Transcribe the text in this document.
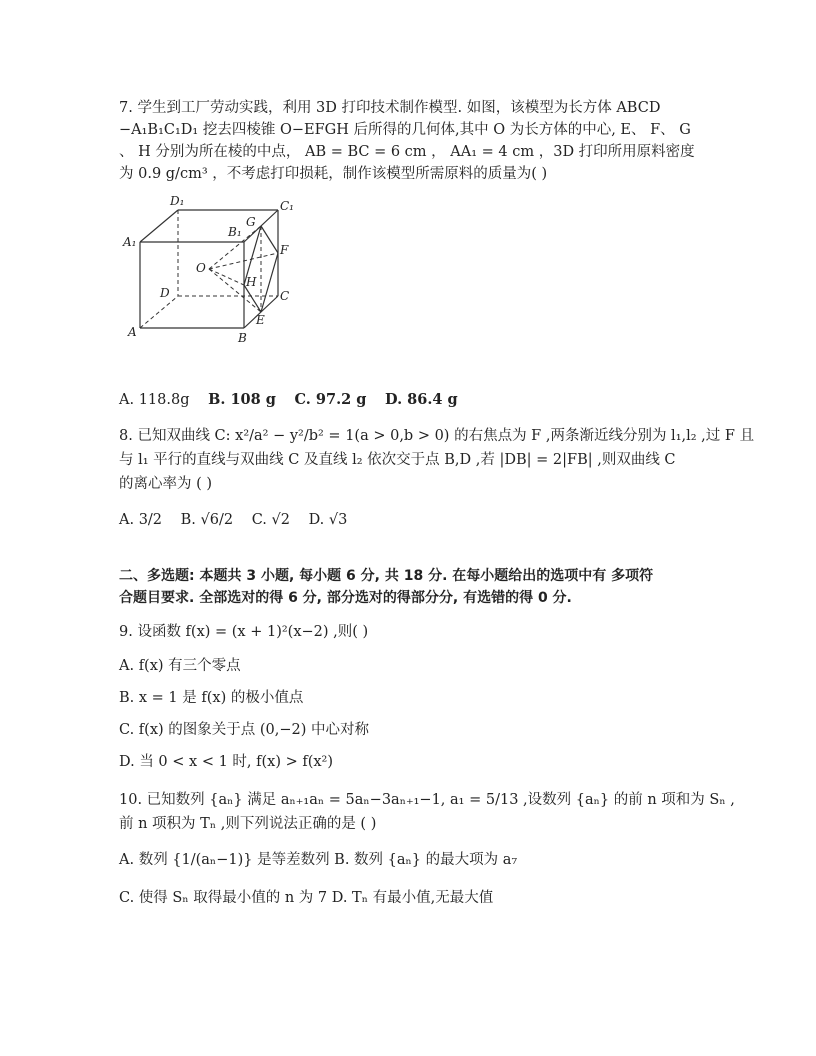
7. 学生到工厂劳动实践，利用 3D 打印技术制作模型. 如图，该模型为长方体 ABCD
−A₁B₁C₁D₁ 挖去四棱锥 O−EFGH 后所得的几何体,其中 O 为长方体的中心, E、 F、 G
、 H 分别为所在棱的中点， AB = BC = 6 cm ， AA₁ = 4 cm ，3D 打印所用原料密度
为 0.9 g/cm³ ，不考虑打印损耗，制作该模型所需原料的质量为( )
D₁	C₁
A₁
B₁
G
F
O
H
D	C
E
A	B
A. 118.8g B. 108 g C. 97.2 g D. 86.4 g
8. 已知双曲线 C: x²/a² − y²/b² = 1(a > 0,b > 0) 的右焦点为 F ,两条渐近线分别为 l₁,l₂ ,过 F 且
与 l₁ 平行的直线与双曲线 C 及直线 l₂ 依次交于点 B,D ,若 |DB| = 2|FB| ,则双曲线 C
的离心率为 ( )
A. 3/2 B. √6/2 C. √2 D. √3
二、多选题: 本题共 3 小题, 每小题 6 分, 共 18 分. 在每小题给出的选项中有 多项符
合题目要求. 全部选对的得 6 分, 部分选对的得部分分, 有选错的得 0 分.
9. 设函数 f(x) = (x + 1)²(x−2) ,则( )
A. f(x) 有三个零点
B. x = 1 是 f(x) 的极小值点
C. f(x) 的图象关于点 (0,−2) 中心对称
D. 当 0 < x < 1 时, f(x) > f(x²)
10. 已知数列 {aₙ} 满足 aₙ₊₁aₙ = 5aₙ−3aₙ₊₁−1, a₁ = 5/13 ,设数列 {aₙ} 的前 n 项和为 Sₙ ,
前 n 项积为 Tₙ ,则下列说法正确的是 ( )
A. 数列 {1/(aₙ−1)} 是等差数列 B. 数列 {aₙ} 的最大项为 a₇
C. 使得 Sₙ 取得最小值的 n 为 7 D. Tₙ 有最小值,无最大值
